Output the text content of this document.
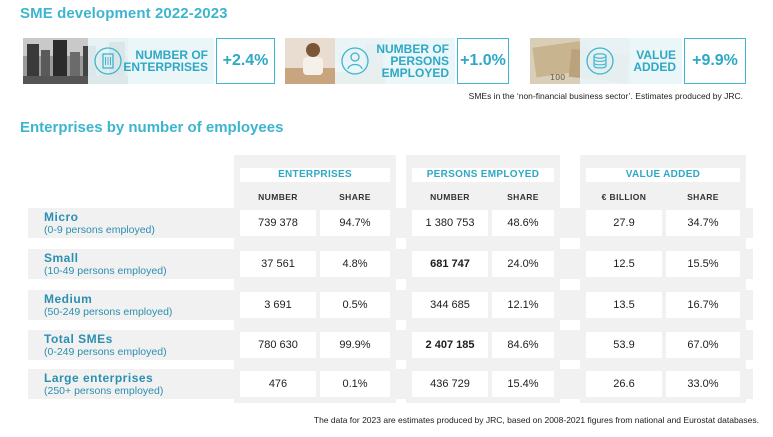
SME development 2022-2023
NUMBER OF
ENTERPRISES +2.4%
NUMBER OF
PERSONS
EMPLOYED
+1.0%
100
VALUE
ADDED	+9.9%
SMEs in the ‘non-financial business sector’. Estimates produced by JRC.
Enterprises by number of employees
ENTERPRISES	PERSONS EMPLOYED	VALUE ADDED
NUMBER	SHARE	NUMBER	SHARE	€ BILLION	SHARE
Micro
(0-9 persons employed)
739 378	94.7%	1 380 753	48.6%	27.9	34.7%
Small
(10-49 persons employed)
37 561	4.8%	681 747	24.0%	12.5	15.5%
Medium
(50-249 persons employed)
3 691	0.5%	344 685	12.1%	13.5	16.7%
Total SMEs
(0-249 persons employed)
780 630	99.9%	2 407 185	84.6%	53.9	67.0%
Large enterprises
(250+ persons employed)
476	0.1%	436 729	15.4%	26.6	33.0%
The data for 2023 are estimates produced by JRC, based on 2008-2021 figures from national and Eurostat databases.
